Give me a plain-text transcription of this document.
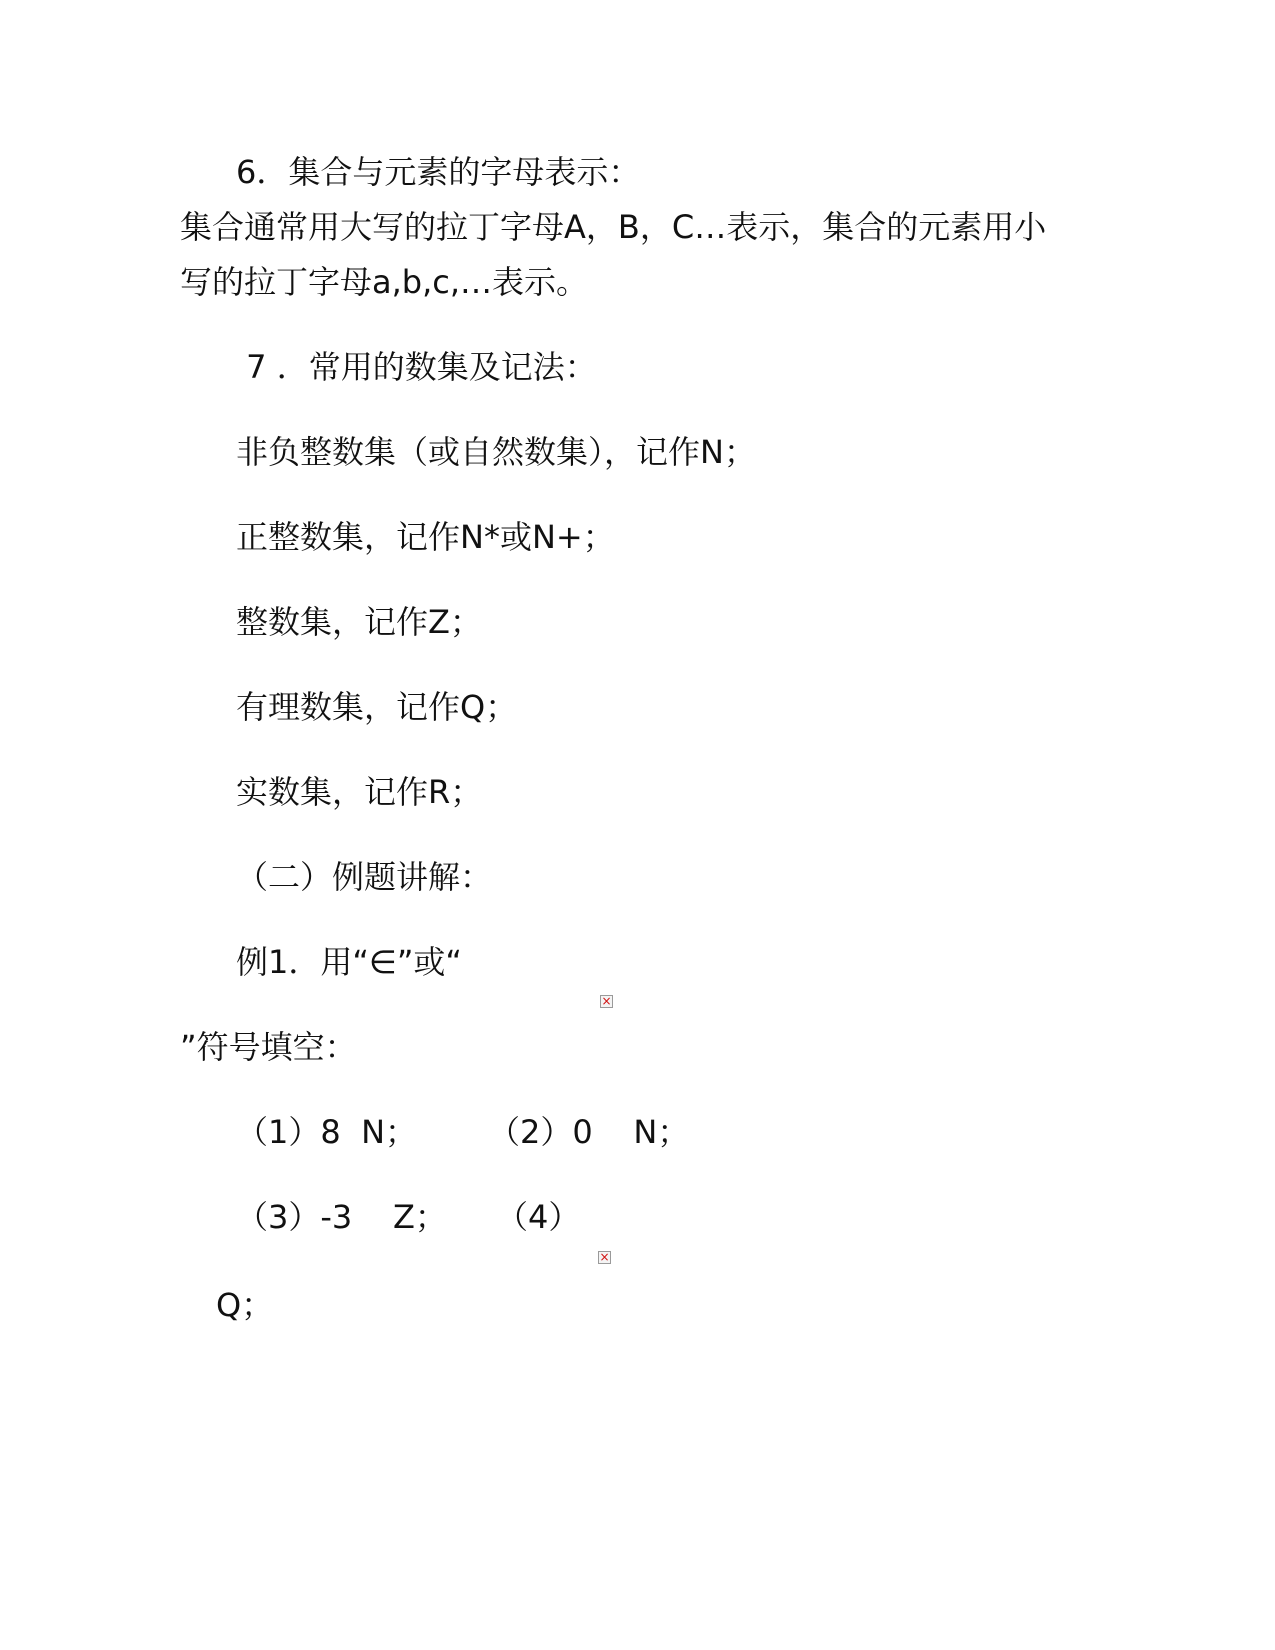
6．集合与元素的字母表示：
集合通常用大写的拉丁字母A，B，C…表示，集合的元素用小
写的拉丁字母a,b,c,…表示。
7 ．常用的数集及记法：
非负整数集（或自然数集），记作N；
正整数集，记作N*或N+；
整数集，记作Z；
有理数集，记作Q；
实数集，记作R；
（二）例题讲解：
例1．用“∈”或“
×
”符号填空：
（1）8  N； （2）0    N；
（3）-3    Z； （4）
×
Q；
